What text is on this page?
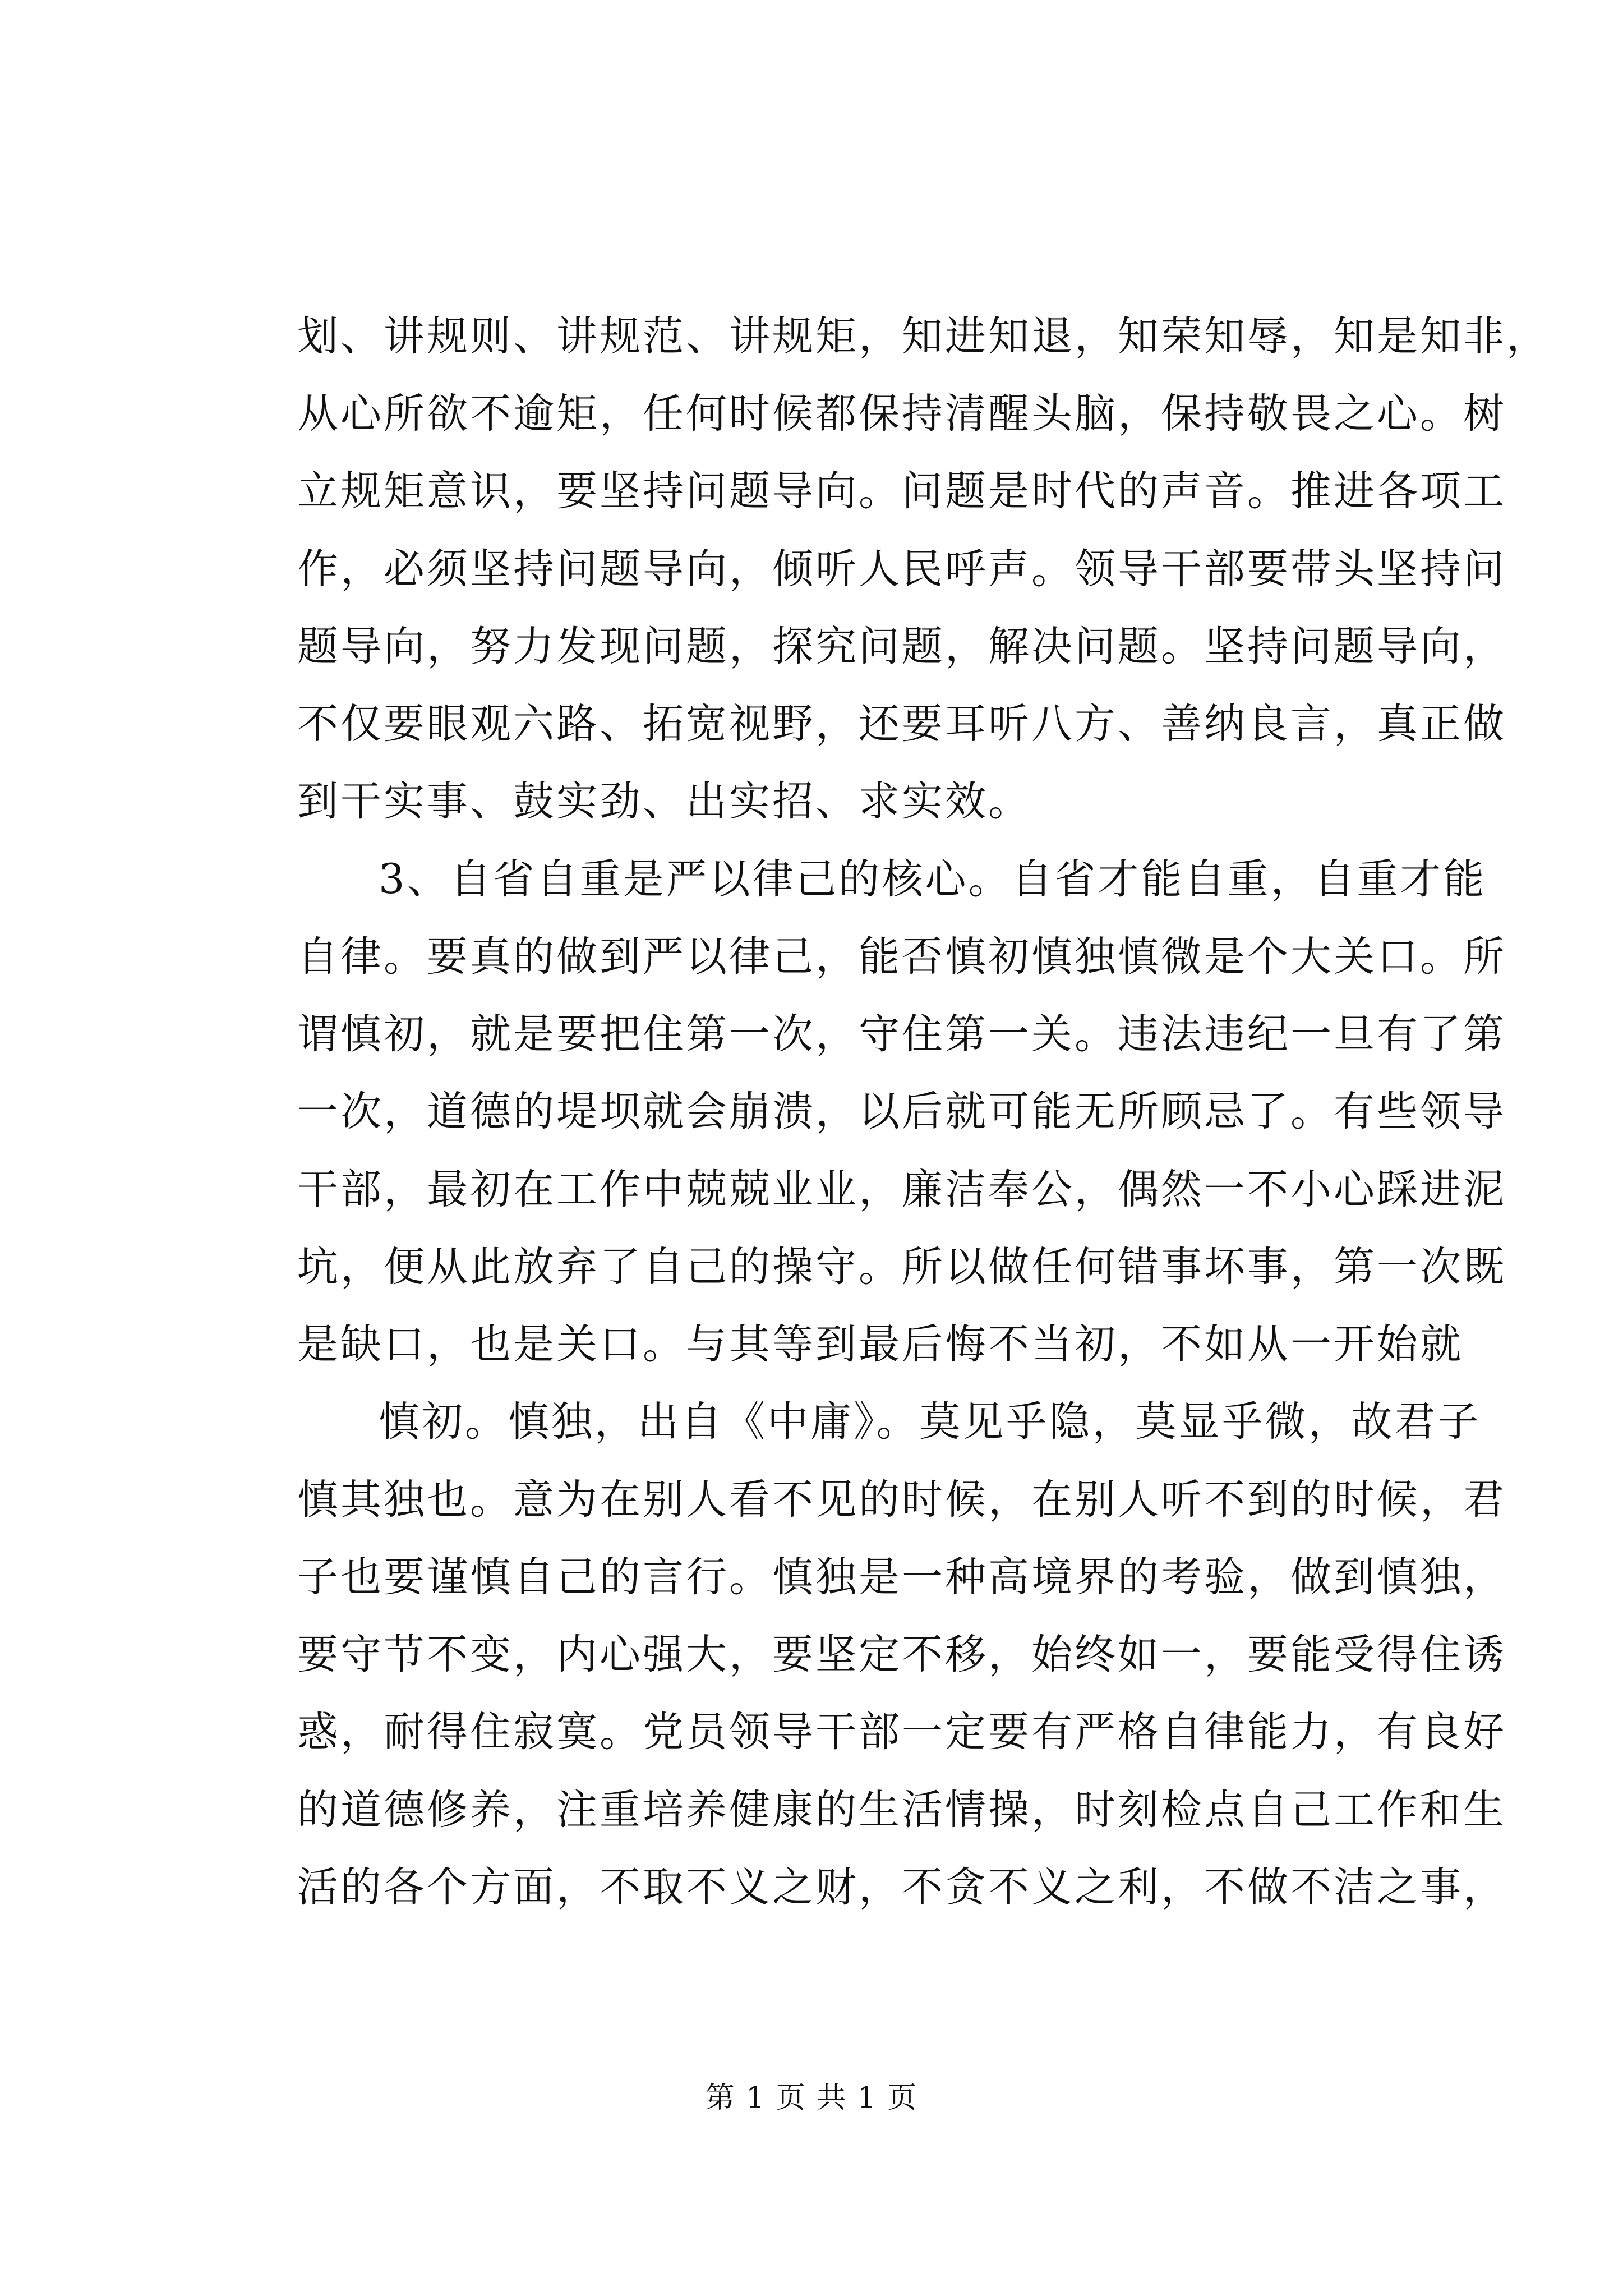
划、讲规则、讲规范、讲规矩，知进知退，知荣知辱，知是知非，
从心所欲不逾矩，任何时候都保持清醒头脑，保持敬畏之心。树
立规矩意识，要坚持问题导向。问题是时代的声音。推进各项工
作，必须坚持问题导向，倾听人民呼声。领导干部要带头坚持问
题导向，努力发现问题，探究问题，解决问题。坚持问题导向，
不仅要眼观六路、拓宽视野，还要耳听八方、善纳良言，真正做
到干实事、鼓实劲、出实招、求实效。
3、自省自重是严以律己的核心。自省才能自重，自重才能
自律。要真的做到严以律己，能否慎初慎独慎微是个大关口。所
谓慎初，就是要把住第一次，守住第一关。违法违纪一旦有了第
一次，道德的堤坝就会崩溃，以后就可能无所顾忌了。有些领导
干部，最初在工作中兢兢业业，廉洁奉公，偶然一不小心踩进泥
坑，便从此放弃了自己的操守。所以做任何错事坏事，第一次既
是缺口，也是关口。与其等到最后悔不当初，不如从一开始就
慎初。慎独，出自《中庸》。莫见乎隐，莫显乎微，故君子
慎其独也。意为在别人看不见的时候，在别人听不到的时候，君
子也要谨慎自己的言行。慎独是一种高境界的考验，做到慎独，
要守节不变，内心强大，要坚定不移，始终如一，要能受得住诱
惑，耐得住寂寞。党员领导干部一定要有严格自律能力，有良好
的道德修养，注重培养健康的生活情操，时刻检点自己工作和生
活的各个方面，不取不义之财，不贪不义之利，不做不洁之事，
第 1 页 共 1 页
